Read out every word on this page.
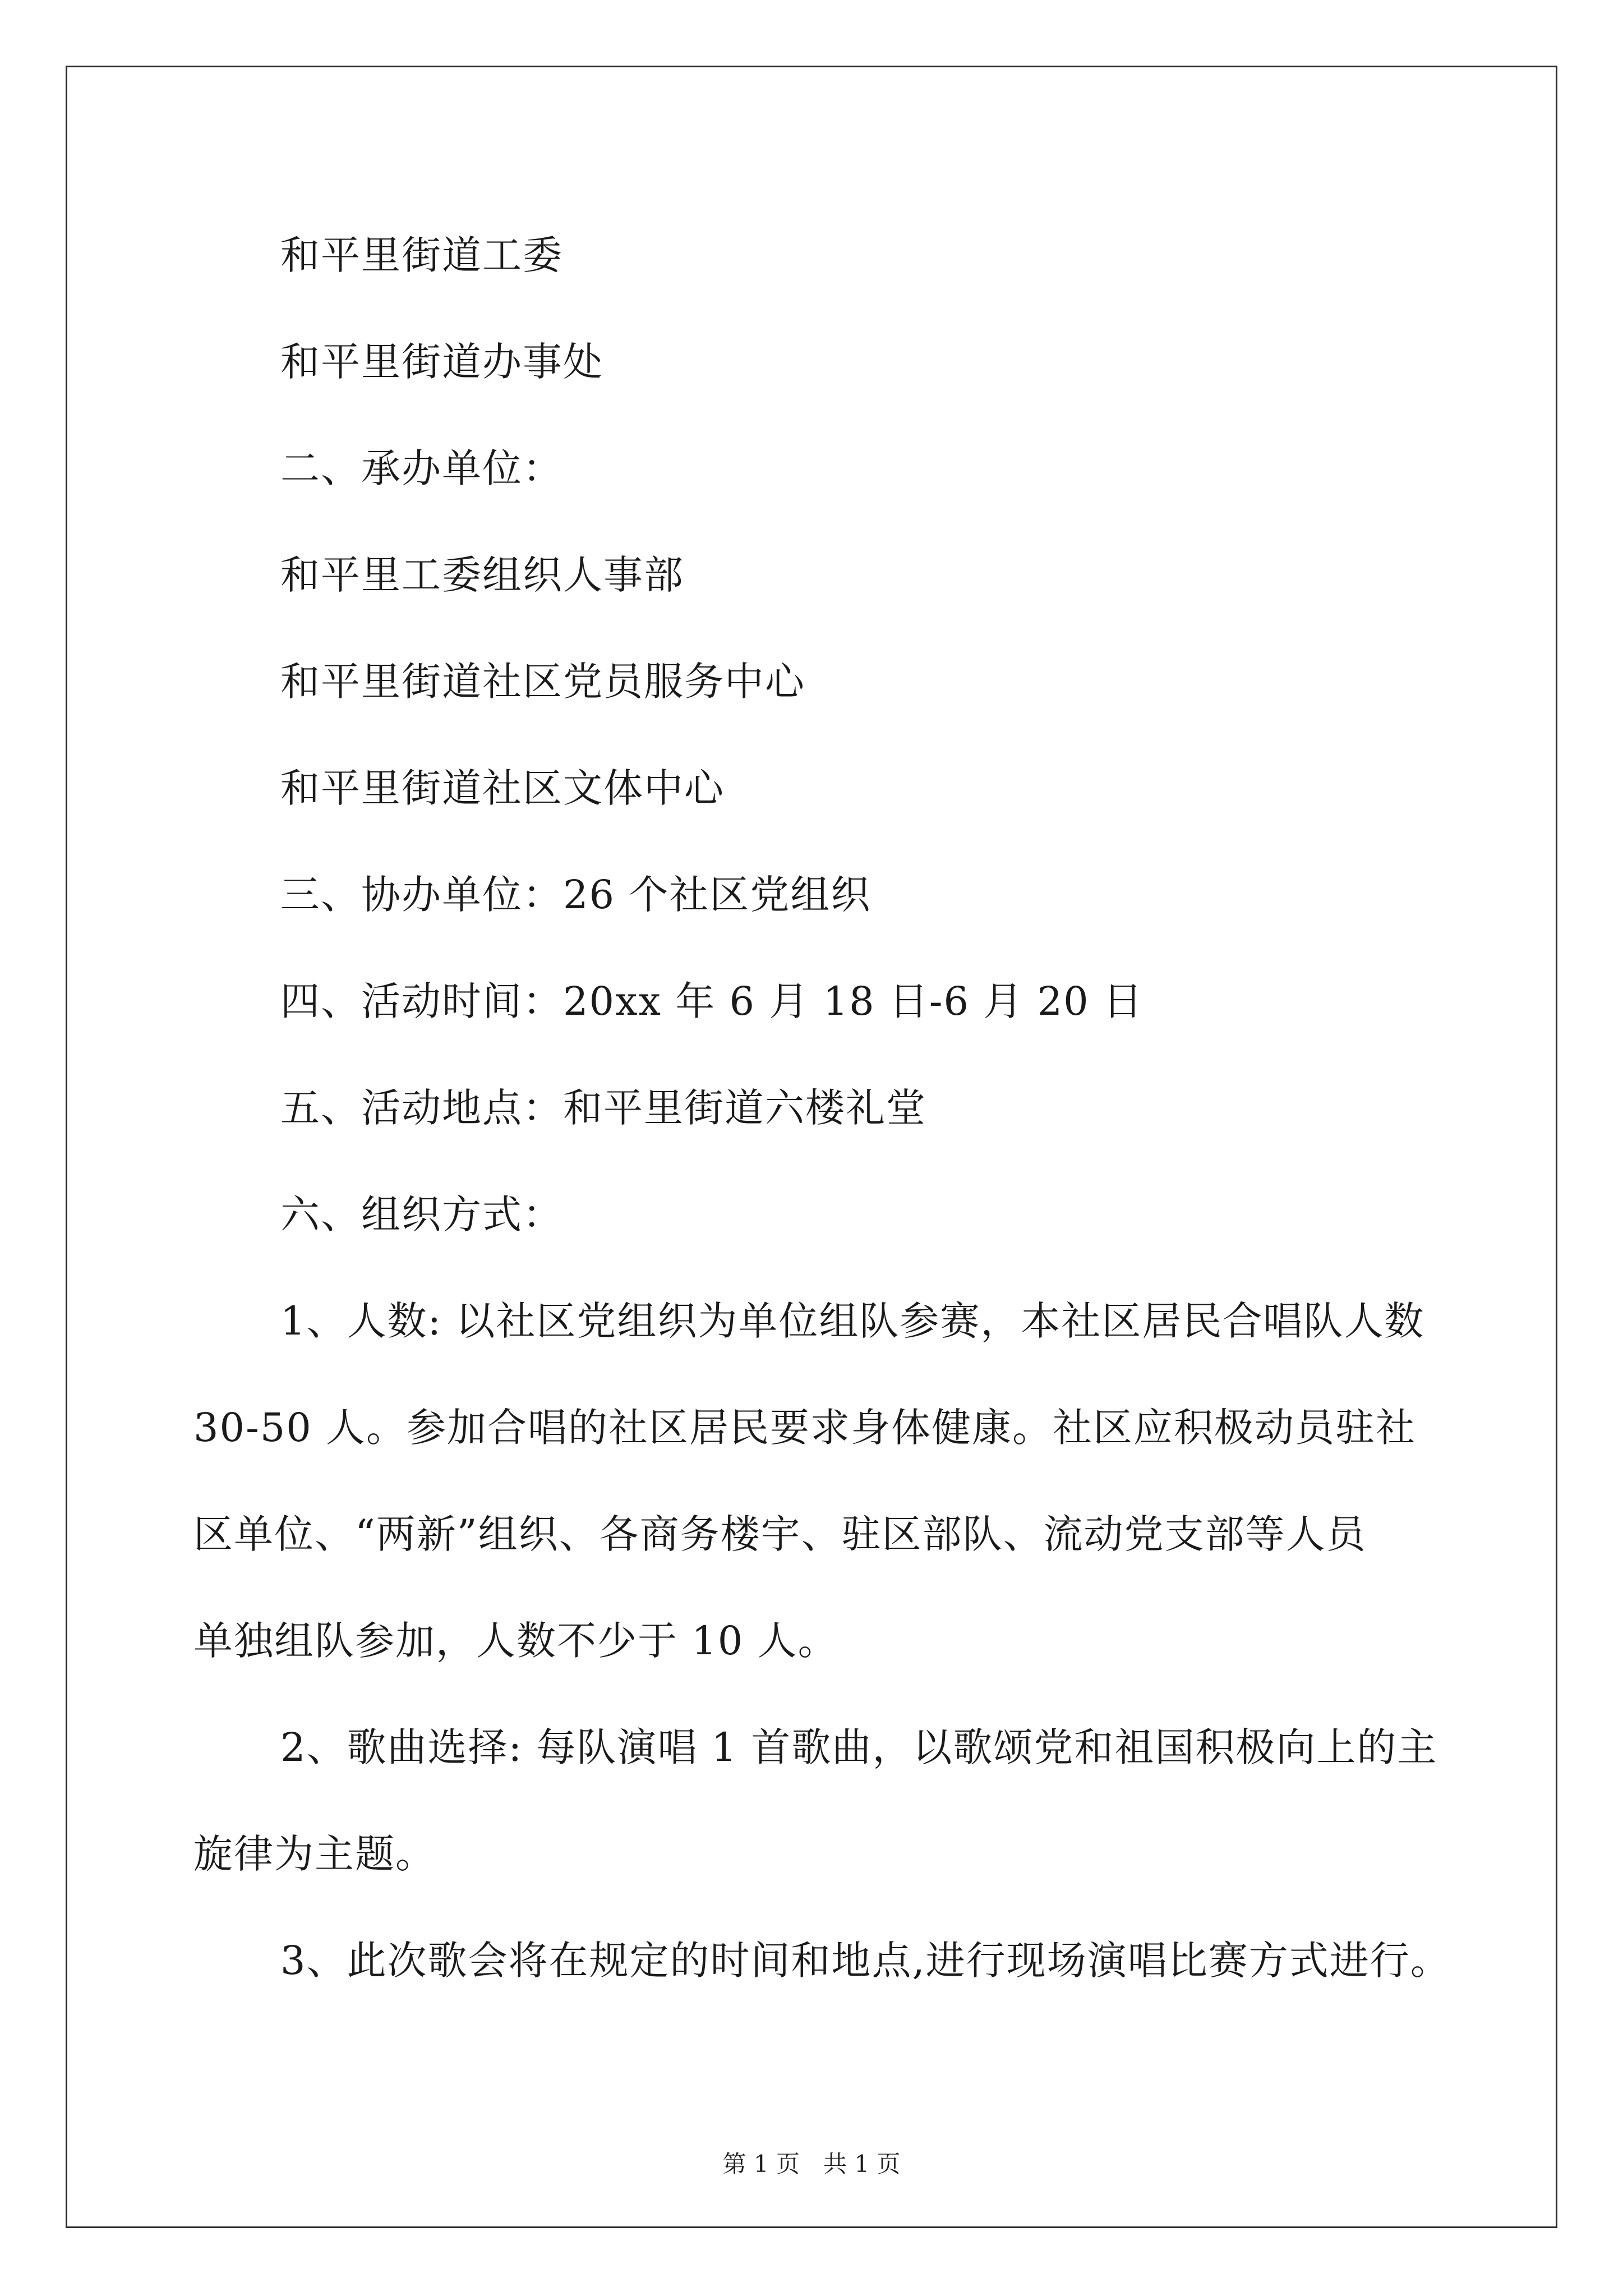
和平里街道工委
和平里街道办事处
二、承办单位：
和平里工委组织人事部
和平里街道社区党员服务中心
和平里街道社区文体中心
三、协办单位：26 个社区党组织
四、活动时间：20xx 年 6 月 18 日-6 月 20 日
五、活动地点：和平里街道六楼礼堂
六、组织方式：
1、人数: 以社区党组织为单位组队参赛，本社区居民合唱队人数
30-50 人。参加合唱的社区居民要求身体健康。社区应积极动员驻社
区单位、“两新”组织、各商务楼宇、驻区部队、流动党支部等人员
单独组队参加，人数不少于 10 人。
2、歌曲选择: 每队演唱 1 首歌曲，以歌颂党和祖国积极向上的主
旋律为主题。
3、此次歌会将在规定的时间和地点,进行现场演唱比赛方式进行。
第 1 页　共 1 页
